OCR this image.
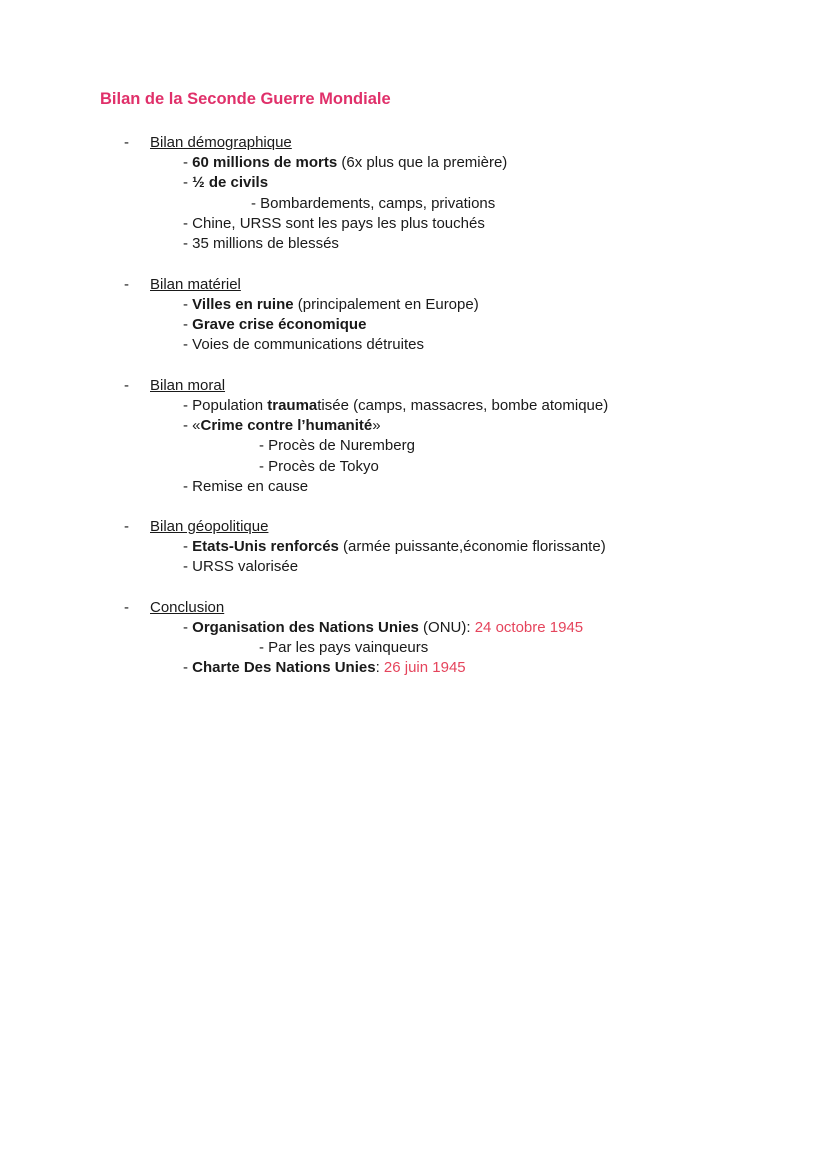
Bilan de la Seconde Guerre Mondiale
- Bilan démographique
- 60 millions de morts (6x plus que la première)
- ½ de civils
- Bombardements, camps, privations
- Chine, URSS sont les pays les plus touchés
- 35 millions de blessés
- Bilan matériel
- Villes en ruine (principalement en Europe)
- Grave crise économique
- Voies de communications détruites
- Bilan moral
- Population traumatisée (camps, massacres, bombe atomique)
- «Crime contre l’humanité»
- Procès de Nuremberg
- Procès de Tokyo
- Remise en cause
- Bilan géopolitique
- Etats-Unis renforcés (armée puissante,économie florissante)
- URSS valorisée
- Conclusion
- Organisation des Nations Unies (ONU): 24 octobre 1945
- Par les pays vainqueurs
- Charte Des Nations Unies: 26 juin 1945
